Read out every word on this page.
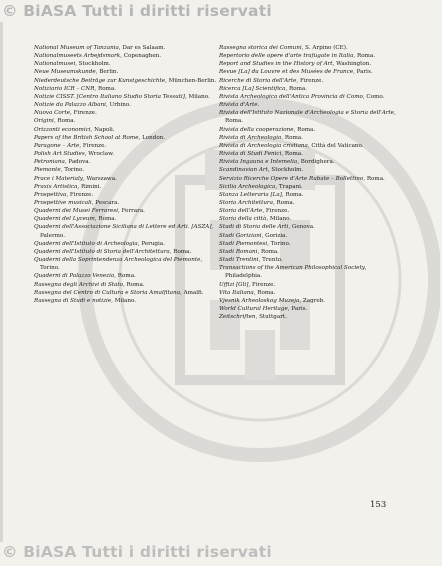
© BiASA Tutti i diritti riservati

National Museum of Tanzania, Dar es Salaam.

Nationalmuseets Arbejdsmark, Copenaghen.

Nationalmusei, Stockholm.

Neue Museumskunde, Berlin.

Niederdeutsche Beiträge zur Kunstgeschichte, München-Berlin.

Notiziario ICR – CNR, Roma.

Notizie CISST. [Centro Italiano Studio Storia Tessuti], Milano.

Notizie da Palazzo Albani, Urbino.

Nuova Corte, Firenze.

Origini, Roma.

Orizzonti economici, Napoli.

Papers of the British School at Rome, London.

Paragone – Arte, Firenze.

Polish Art Studies, Wroclaw.

Petroniana, Padova.

Piemonte, Torino.

Prace i Materialy, Warszawa.

Praxis Artistica, Rimini.

Prospettiva, Firenze.

Prospettive musicali, Pescara.

Quaderni dei Musei Ferraresi, Ferrara.

Quaderni del Lyceum, Roma.

Quaderni dell'Associazione Siciliana di Lettere ed Arti. [ASZA], Palermo.

Quaderni dell'Istituto di Archeologia, Perugia.

Quaderni dell'Istituto di Storia dell'Architettura, Roma.

Quaderni della Soprintendenza Archeologica del Piemonte, Torino.

Quaderni di Palazzo Venezia, Roma.

Rassegna degli Archivi di Stato, Roma.

Rassegna del Centro di Cultura e Storia Amalfitana, Amalfi.

Rassegna di Studi e notizie, Milano.

Rassegna storica dei Comuni, S. Arpino (CE).

Repertorio delle opere d'arte trafugate in Italia, Roma.

Report and Studies in the History of Art, Washington.

Revue [La] du Louvre et des Musées de France, Paris.

Ricerche di Storia dell'Arte, Firenze.

Ricerca [La] Scientifica, Roma.

Rivista Archeologica dell'Antica Provincia di Como, Como.

Rivista d'Arte.

Rivista dell'Istituto Nazionale d'Archeologia e Storia dell'Arte, Roma.

Rivista della cooperazione, Roma.

Rivista di Archeologia, Roma.

Rivista di Archeologia cristiana, Città del Vaticano.

Rivista di Studi Fenici, Roma.

Rivista Ingauna e Intemelia, Bordighera.

Scandinavian Art, Stockholm.

Servizio Ricerche Opere d'Arte Rubate – Bollettino, Roma.

Sicilia Archeologica, Trapani.

Stanza Letteraria [La], Roma.

Storia Architettura, Roma.

Storia dell'Arte, Firenze.

Storia della città, Milano.

Studi di Storia delle Arti, Genova.

Studi Goriziani, Gorizia.

Studi Piemontesi, Torino.

Studi Romani, Roma.

Studi Trentini, Trento.

Transactions of the American Philosophical Society, Philadelphia.

Uffizi [Gli], Firenze.

Vita Italiana, Roma.

Vjesnik Arheoloskog Muzeja, Zagreb.

World Cultural Heritage, Paris.

Zeitschriften, Stuttgart.

153
© BiASA Tutti i diritti riservati
